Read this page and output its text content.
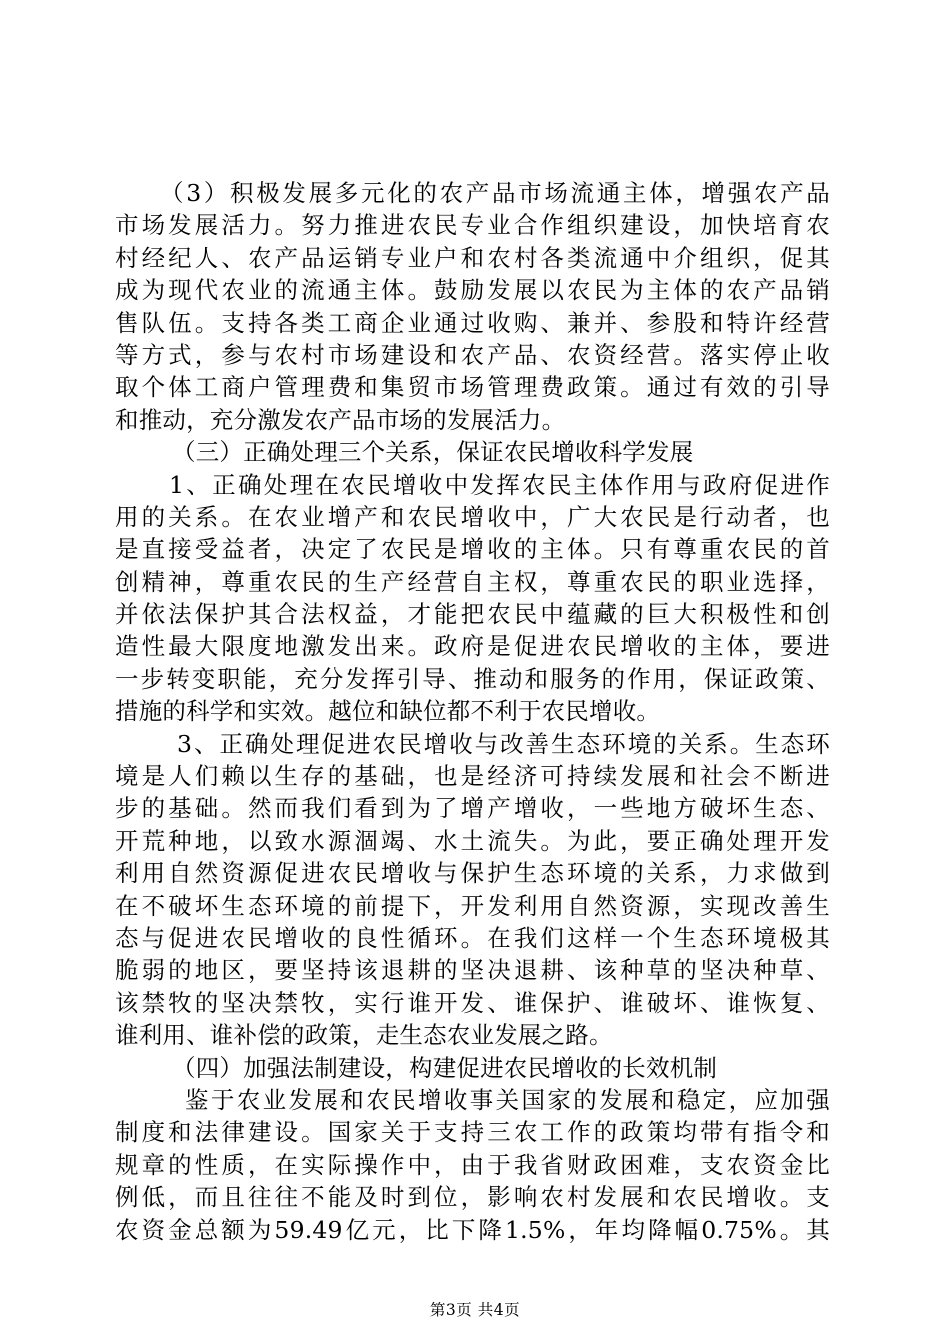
（3）积极发展多元化的农产品市场流通主体，增强农产品
市场发展活力。努力推进农民专业合作组织建设，加快培育农
村经纪人、农产品运销专业户和农村各类流通中介组织，促其
成为现代农业的流通主体。鼓励发展以农民为主体的农产品销
售队伍。支持各类工商企业通过收购、兼并、参股和特许经营
等方式，参与农村市场建设和农产品、农资经营。落实停止收
取个体工商户管理费和集贸市场管理费政策。通过有效的引导
和推动，充分激发农产品市场的发展活力。
（三）正确处理三个关系，保证农民增收科学发展
1、正确处理在农民增收中发挥农民主体作用与政府促进作
用的关系。在农业增产和农民增收中，广大农民是行动者，也
是直接受益者，决定了农民是增收的主体。只有尊重农民的首
创精神，尊重农民的生产经营自主权，尊重农民的职业选择，
并依法保护其合法权益，才能把农民中蕴藏的巨大积极性和创
造性最大限度地激发出来。政府是促进农民增收的主体，要进
一步转变职能，充分发挥引导、推动和服务的作用，保证政策、
措施的科学和实效。越位和缺位都不利于农民增收。
3、正确处理促进农民增收与改善生态环境的关系。生态环
境是人们赖以生存的基础，也是经济可持续发展和社会不断进
步的基础。然而我们看到为了增产增收，一些地方破坏生态、
开荒种地，以致水源涸竭、水土流失。为此，要正确处理开发
利用自然资源促进农民增收与保护生态环境的关系，力求做到
在不破坏生态环境的前提下，开发利用自然资源，实现改善生
态与促进农民增收的良性循环。在我们这样一个生态环境极其
脆弱的地区，要坚持该退耕的坚决退耕、该种草的坚决种草、
该禁牧的坚决禁牧，实行谁开发、谁保护、谁破坏、谁恢复、
谁利用、谁补偿的政策，走生态农业发展之路。
（四）加强法制建设，构建促进农民增收的长效机制
鉴于农业发展和农民增收事关国家的发展和稳定，应加强
制度和法律建设。国家关于支持三农工作的政策均带有指令和
规章的性质，在实际操作中，由于我省财政困难，支农资金比
例低，而且往往不能及时到位，影响农村发展和农民增收。支
农资金总额为59.49亿元，比下降1.5%，年均降幅0.75%。其
第3页 共4页
